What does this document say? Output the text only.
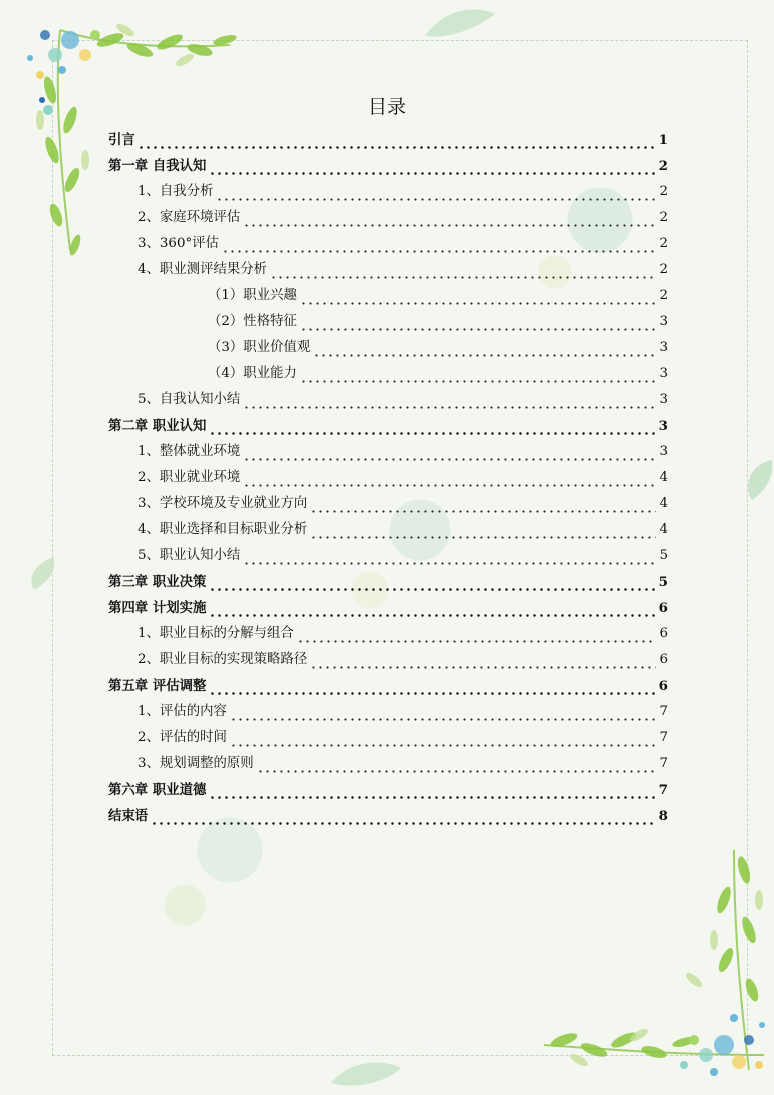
目录
引言	1
第一章 自我认知	2
1、自我分析	2
2、家庭环境评估	2
3、360°评估	2
4、职业测评结果分析	2
（1）职业兴趣	2
（2）性格特征	3
（3）职业价值观	3
（4）职业能力	3
5、自我认知小结	3
第二章 职业认知	3
1、整体就业环境	3
2、职业就业环境	4
3、学校环境及专业就业方向	4
4、职业选择和目标职业分析	4
5、职业认知小结	5
第三章 职业决策	5
第四章 计划实施	6
1、职业目标的分解与组合	6
2、职业目标的实现策略路径	6
第五章 评估调整	6
1、评估的内容	7
2、评估的时间	7
3、规划调整的原则	7
第六章 职业道德	7
结束语	8
